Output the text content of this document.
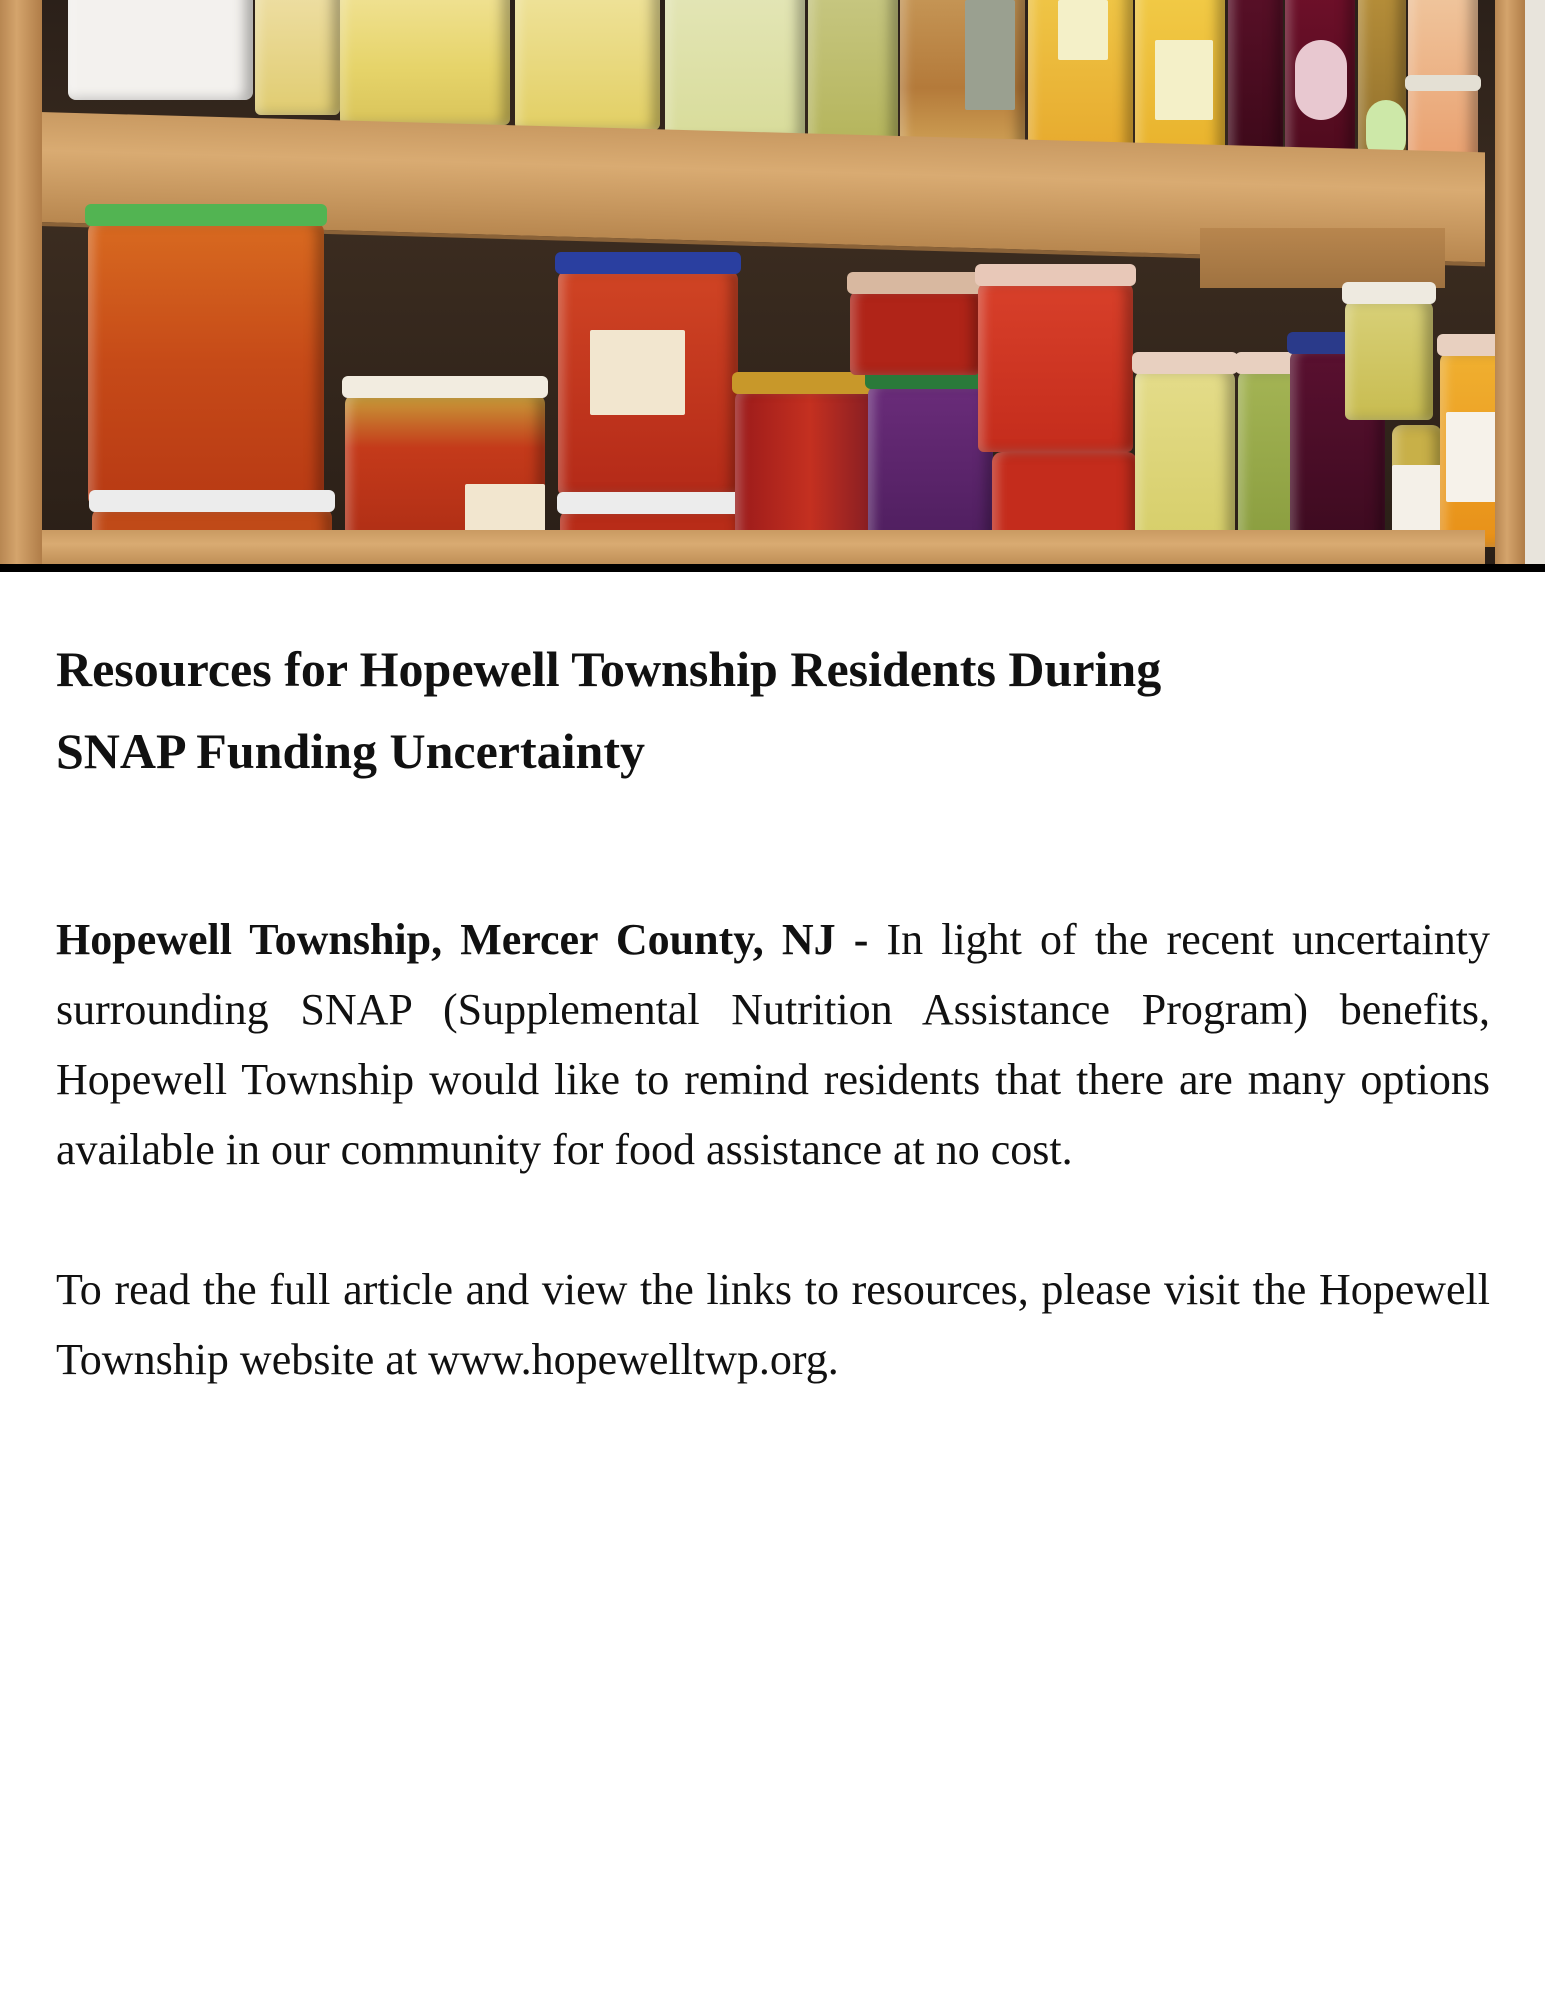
Resources for Hopewell Township Residents During
SNAP Funding Uncertainty

Hopewell Township, Mercer County, NJ - In light of the recent uncertainty surrounding SNAP (Supplemental Nutrition Assistance Program) benefits, Hopewell Township would like to remind residents that there are many options available in our community for food assistance at no cost.

To read the full article and view the links to resources, please visit the Hopewell Township website at www.hopewelltwp.org.
